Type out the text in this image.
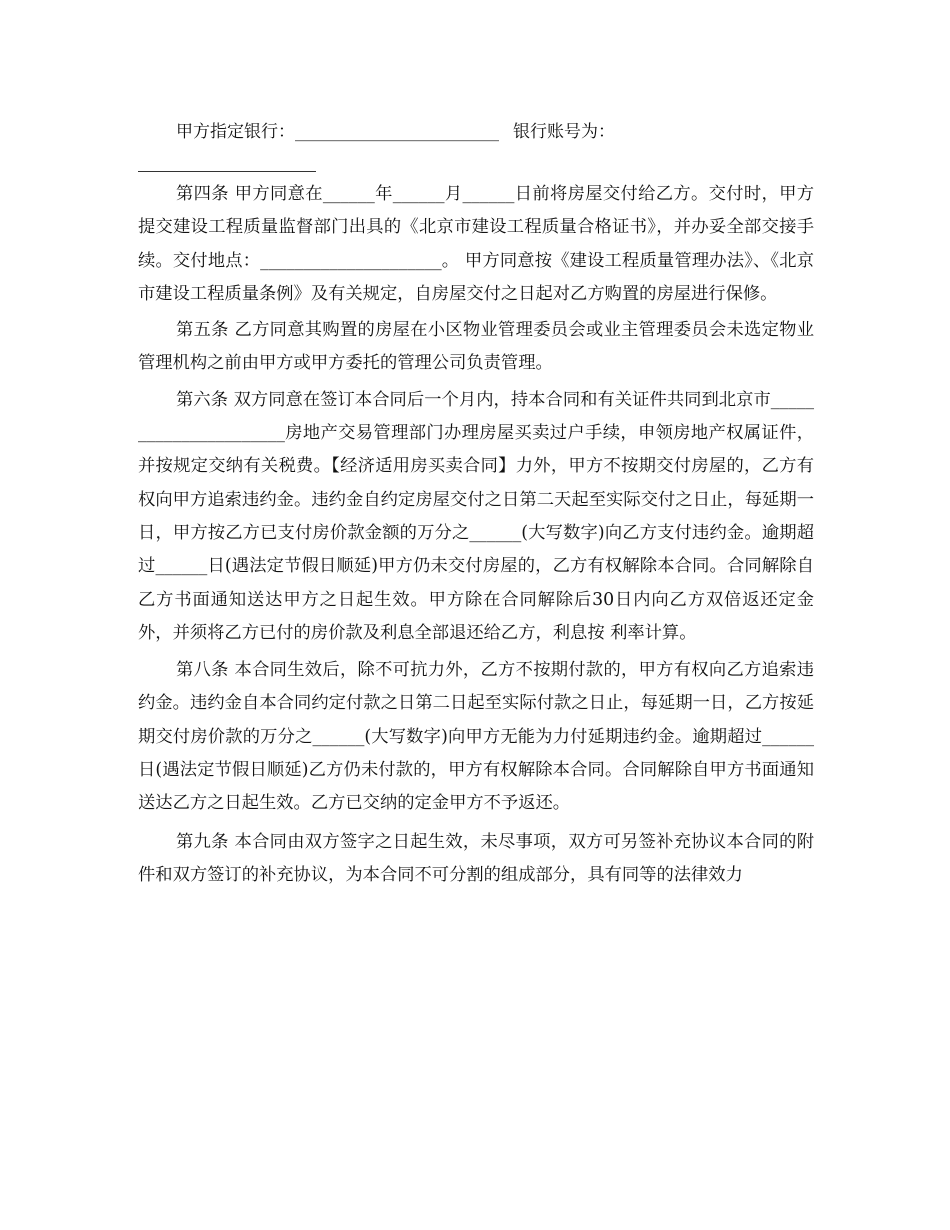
甲方指定银行：________________________ 银行账号为：

第四条 甲方同意在______年______月______日前将房屋交付给乙方。交付时，甲方提交建设工程质量监督部门出具的《北京市建设工程质量合格证书》，并办妥全部交接手续。交付地点：_____________________。 甲方同意按《建设工程质量管理办法》、《北京市建设工程质量条例》及有关规定，自房屋交付之日起对乙方购置的房屋进行保修。

第五条 乙方同意其购置的房屋在小区物业管理委员会或业主管理委员会未选定物业管理机构之前由甲方或甲方委托的管理公司负责管理。

第六条 双方同意在签订本合同后一个月内，持本合同和有关证件共同到北京市______________________房地产交易管理部门办理房屋买卖过户手续，申领房地产权属证件，并按规定交纳有关税费。【经济适用房买卖合同】力外，甲方不按期交付房屋的，乙方有权向甲方追索违约金。违约金自约定房屋交付之日第二天起至实际交付之日止，每延期一日，甲方按乙方已支付房价款金额的万分之______(大写数字)向乙方支付违约金。逾期超过______日(遇法定节假日顺延)甲方仍未交付房屋的，乙方有权解除本合同。合同解除自乙方书面通知送达甲方之日起生效。甲方除在合同解除后30日内向乙方双倍返还定金外，并须将乙方已付的房价款及利息全部退还给乙方，利息按 利率计算。

第八条 本合同生效后，除不可抗力外，乙方不按期付款的，甲方有权向乙方追索违约金。违约金自本合同约定付款之日第二日起至实际付款之日止，每延期一日，乙方按延期交付房价款的万分之______(大写数字)向甲方无能为力付延期违约金。逾期超过______日(遇法定节假日顺延)乙方仍未付款的，甲方有权解除本合同。合同解除自甲方书面通知送达乙方之日起生效。乙方已交纳的定金甲方不予返还。

第九条 本合同由双方签字之日起生效，未尽事项，双方可另签补充协议本合同的附件和双方签订的补充协议，为本合同不可分割的组成部分，具有同等的法律效力
